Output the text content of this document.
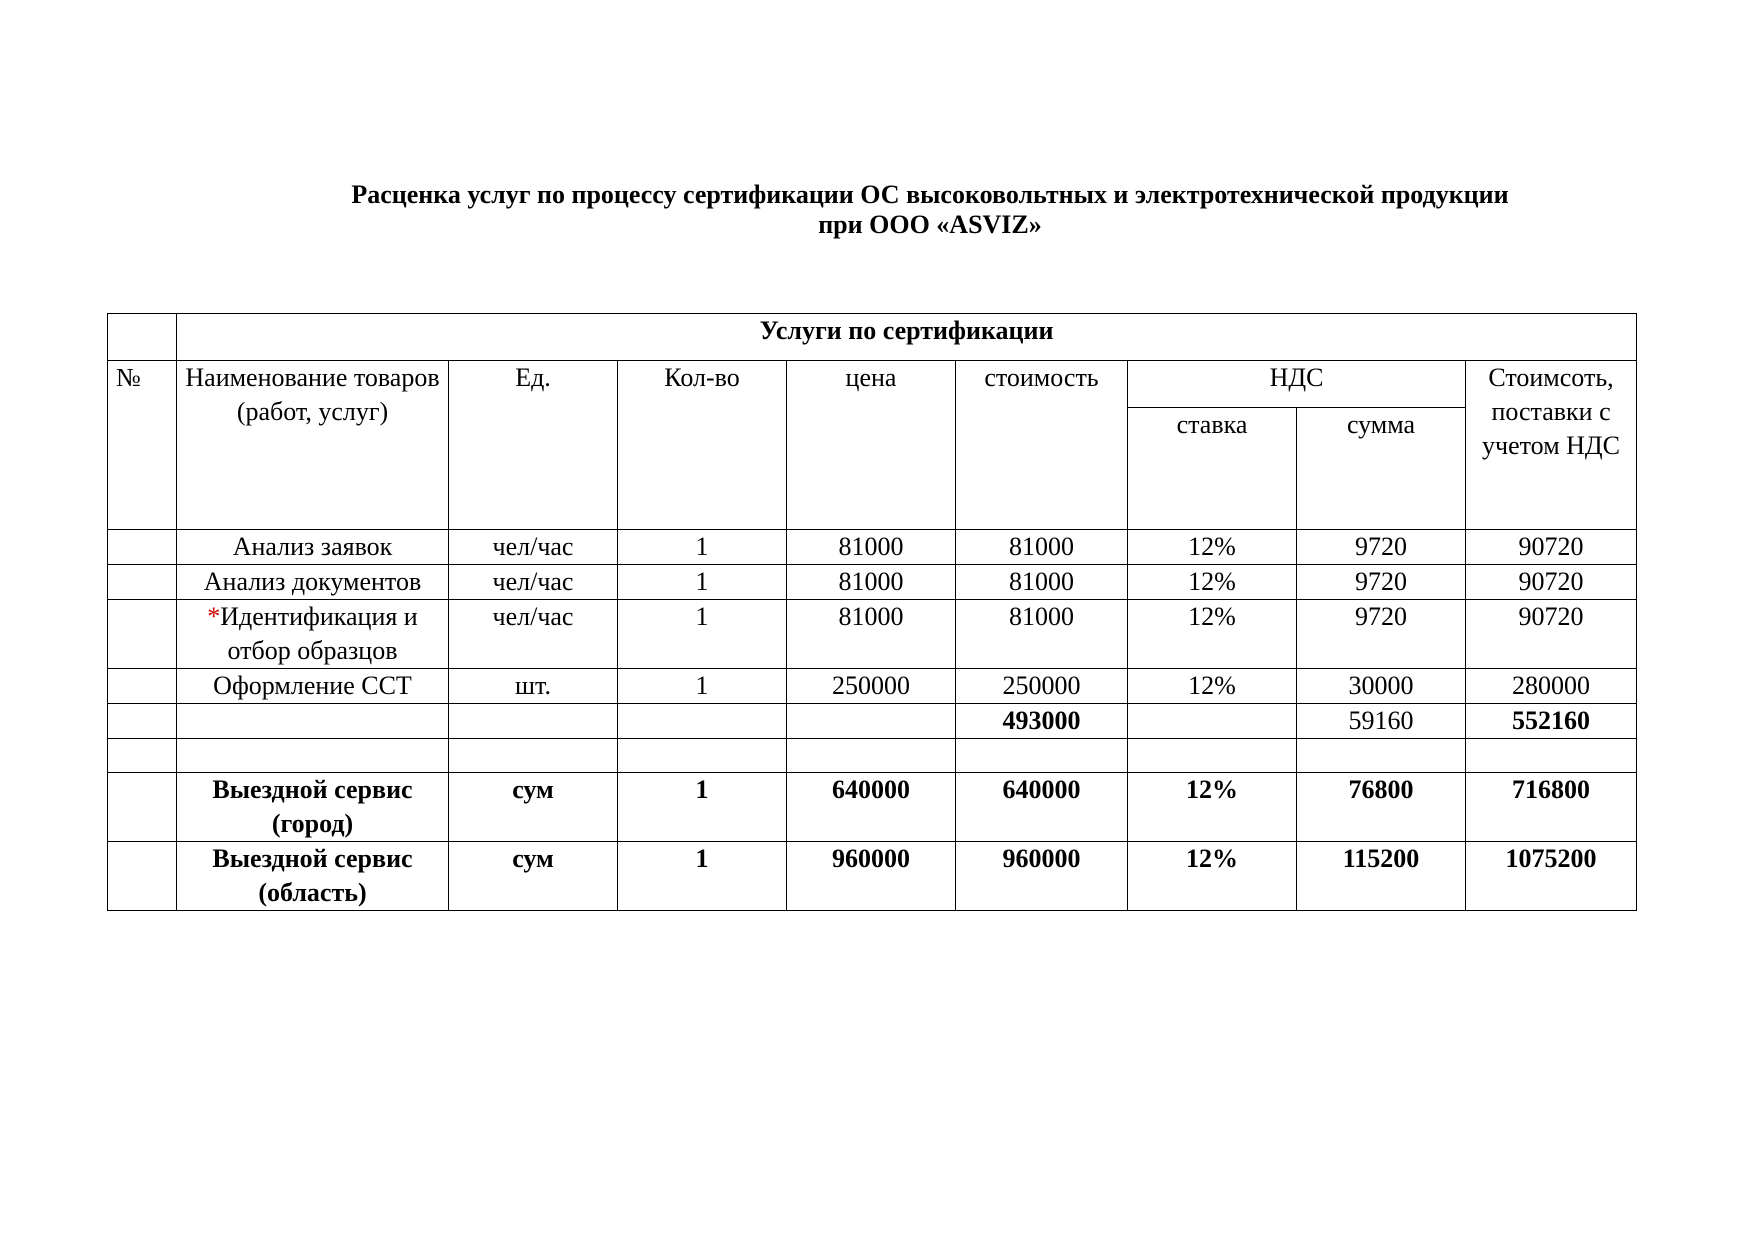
Расценка услуг по процессу сертификации ОС высоковольтных и электротехнической продукции
при ООО «ASVIZ»
	Услуги по сертификации							
№	Наименование товаров (работ, услуг)	Ед.	Кол-во	цена	стоимость	НДС		Стоимсоть, поставки с учетом НДС
						ставка	сумма	
	Анализ заявок	чел/час	1	81000	81000	12%	9720	90720
	Анализ документов	чел/час	1	81000	81000	12%	9720	90720
	*Идентификация и отбор образцов	чел/час	1	81000	81000	12%	9720	90720
	Оформление ССТ	шт.	1	250000	250000	12%	30000	280000
					493000		59160	552160

	Выездной сервис (город)	сум	1	640000	640000	12%	76800	716800
	Выездной сервис (область)	сум	1	960000	960000	12%	115200	1075200
